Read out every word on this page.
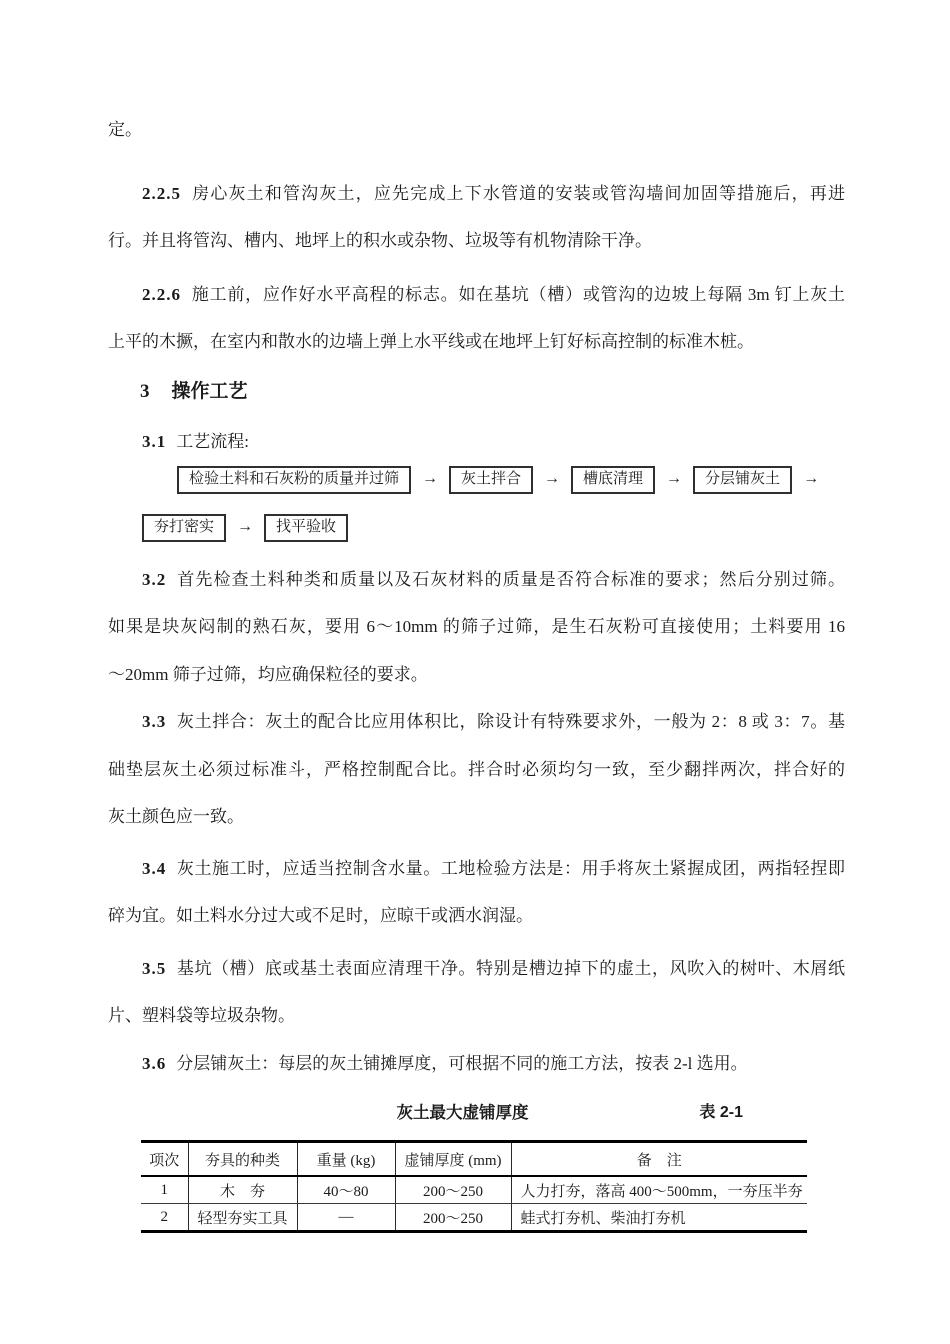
定。
2.2.5 房心灰土和管沟灰土，应先完成上下水管道的安装或管沟墙间加固等措施后，再进
行。并且将管沟、槽内、地坪上的积水或杂物、垃圾等有机物清除干净。
2.2.6 施工前，应作好水平高程的标志。如在基坑（槽）或管沟的边坡上每隔 3m 钉上灰土
上平的木撅，在室内和散水的边墙上弹上水平线或在地坪上钉好标高控制的标准木桩。
3 操作工艺
3.1 工艺流程:
检验土料和石灰粉的质量并过筛	→	灰土拌合	→	槽底清理	→	分层铺灰土	→
夯打密实	→	找平验收
3.2 首先检查土料种类和质量以及石灰材料的质量是否符合标准的要求；然后分别过筛。
如果是块灰闷制的熟石灰，要用 6～10mm 的筛子过筛，是生石灰粉可直接使用；土料要用 16
～20mm 筛子过筛，均应确保粒径的要求。
3.3 灰土拌合：灰土的配合比应用体积比，除设计有特殊要求外，一般为 2：8 或 3：7。基
础垫层灰土必须过标准斗，严格控制配合比。拌合时必须均匀一致，至少翻拌两次，拌合好的
灰土颜色应一致。
3.4 灰土施工时，应适当控制含水量。工地检验方法是：用手将灰土紧握成团，两指轻捏即
碎为宜。如土料水分过大或不足时，应晾干或洒水润湿。
3.5 基坑（槽）底或基土表面应清理干净。特别是槽边掉下的虚土，风吹入的树叶、木屑纸
片、塑料袋等垃圾杂物。
3.6 分层铺灰土：每层的灰土铺摊厚度，可根据不同的施工方法，按表 2-l 选用。
灰土最大虚铺厚度	表 2-1
项次	夯具的种类	重量 (kg)	虚铺厚度 (mm)	备　注
1	木　夯	40～80	200～250	人力打夯，落高 400～500mm，一夯压半夯
2	轻型夯实工具	—	200～250	蛙式打夯机、柴油打夯机
